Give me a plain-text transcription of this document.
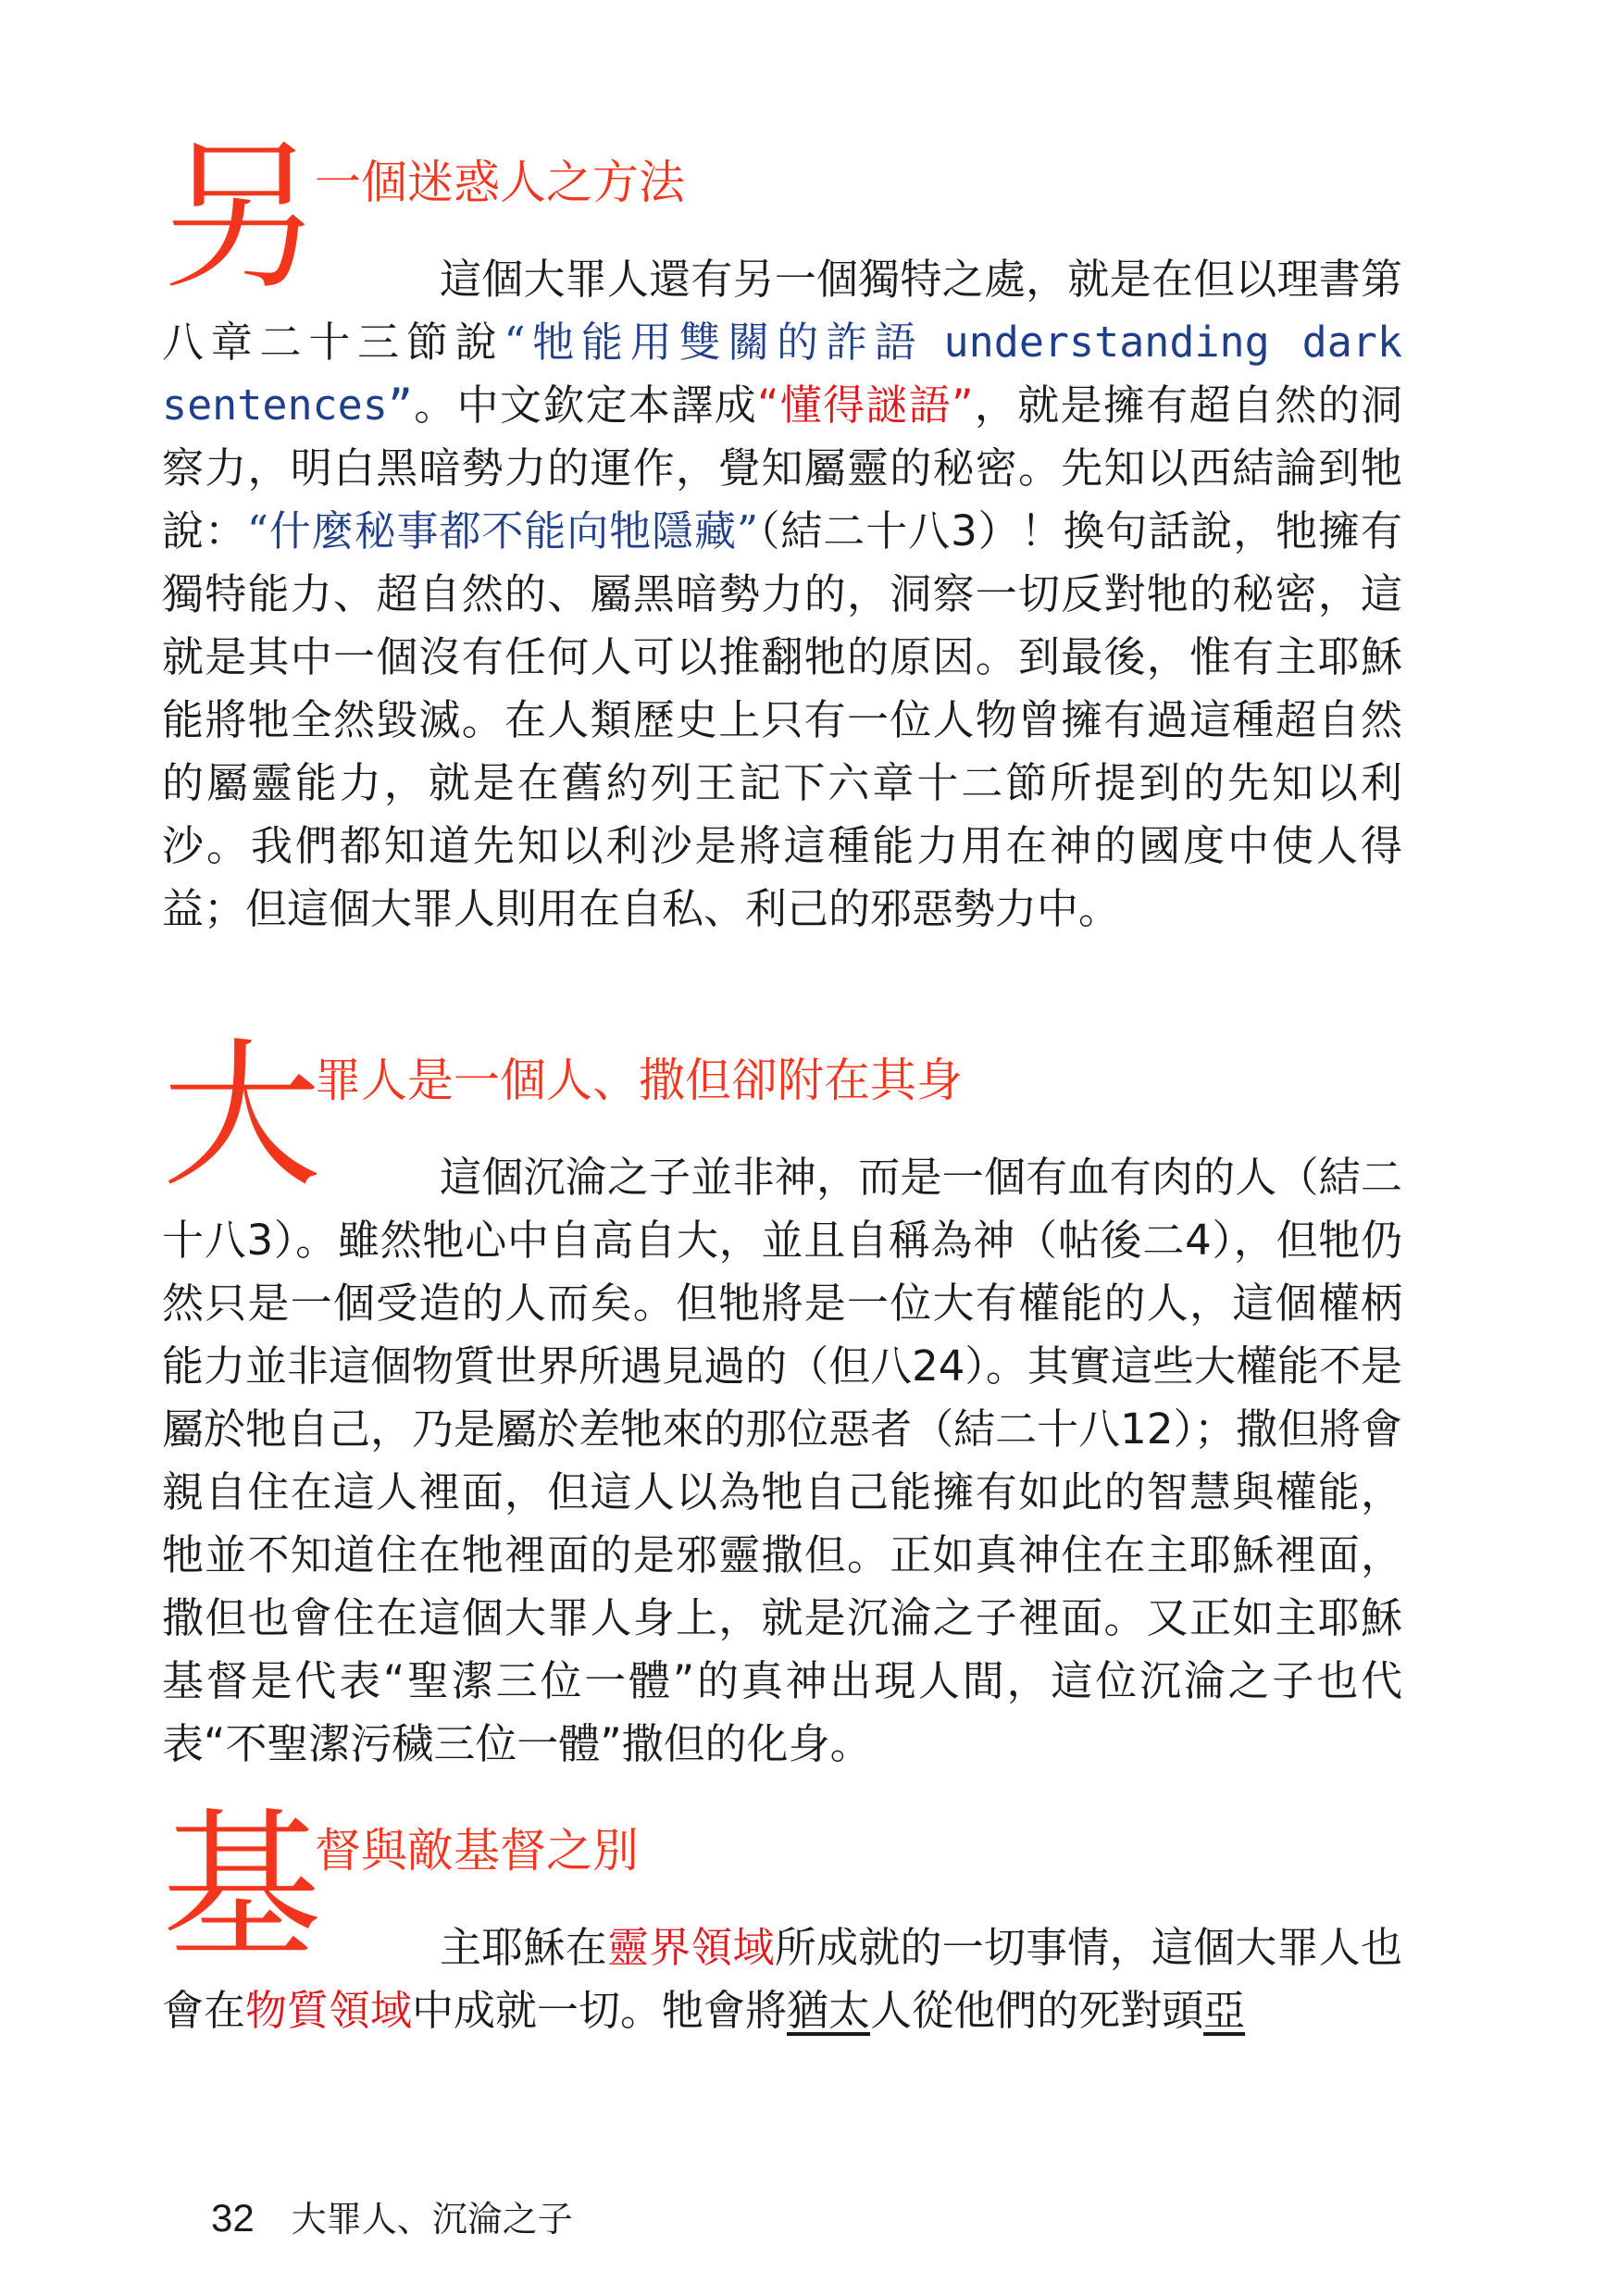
另
一個迷惑人之方法

這個大罪人還有另一個獨特之處，就是在但以理書第八章二十三節說“牠能用雙關的詐語 understanding dark sentences”。中文欽定本譯成“懂得謎語”，就是擁有超自然的洞察力，明白黑暗勢力的運作，覺知屬靈的秘密。先知以西結論到牠說：“什麼秘事都不能向牠隱藏”（結二十八3）！換句話說，牠擁有獨特能力、超自然的、屬黑暗勢力的，洞察一切反對牠的秘密，這就是其中一個沒有任何人可以推翻牠的原因。到最後，惟有主耶穌能將牠全然毀滅。在人類歷史上只有一位人物曾擁有過這種超自然的屬靈能力，就是在舊約列王記下六章十二節所提到的先知以利沙。我們都知道先知以利沙是將這種能力用在神的國度中使人得益；但這個大罪人則用在自私、利己的邪惡勢力中。

大
罪人是一個人、撒但卻附在其身

這個沉淪之子並非神，而是一個有血有肉的人（結二十八3）。雖然牠心中自高自大，並且自稱為神（帖後二4），但牠仍然只是一個受造的人而矣。但牠將是一位大有權能的人，這個權柄能力並非這個物質世界所遇見過的（但八24）。其實這些大權能不是屬於牠自己，乃是屬於差牠來的那位惡者（結二十八12）；撒但將會親自住在這人裡面，但這人以為牠自己能擁有如此的智慧與權能，牠並不知道住在牠裡面的是邪靈撒但。正如真神住在主耶穌裡面，撒但也會住在這個大罪人身上，就是沉淪之子裡面。又正如主耶穌基督是代表“聖潔三位一體”的真神出現人間，這位沉淪之子也代表“不聖潔污穢三位一體”撒但的化身。

基
督與敵基督之別

主耶穌在靈界領域所成就的一切事情，這個大罪人也會在物質領域中成就一切。牠會將猶太人從他們的死對頭亞

32 大罪人、沉淪之子
